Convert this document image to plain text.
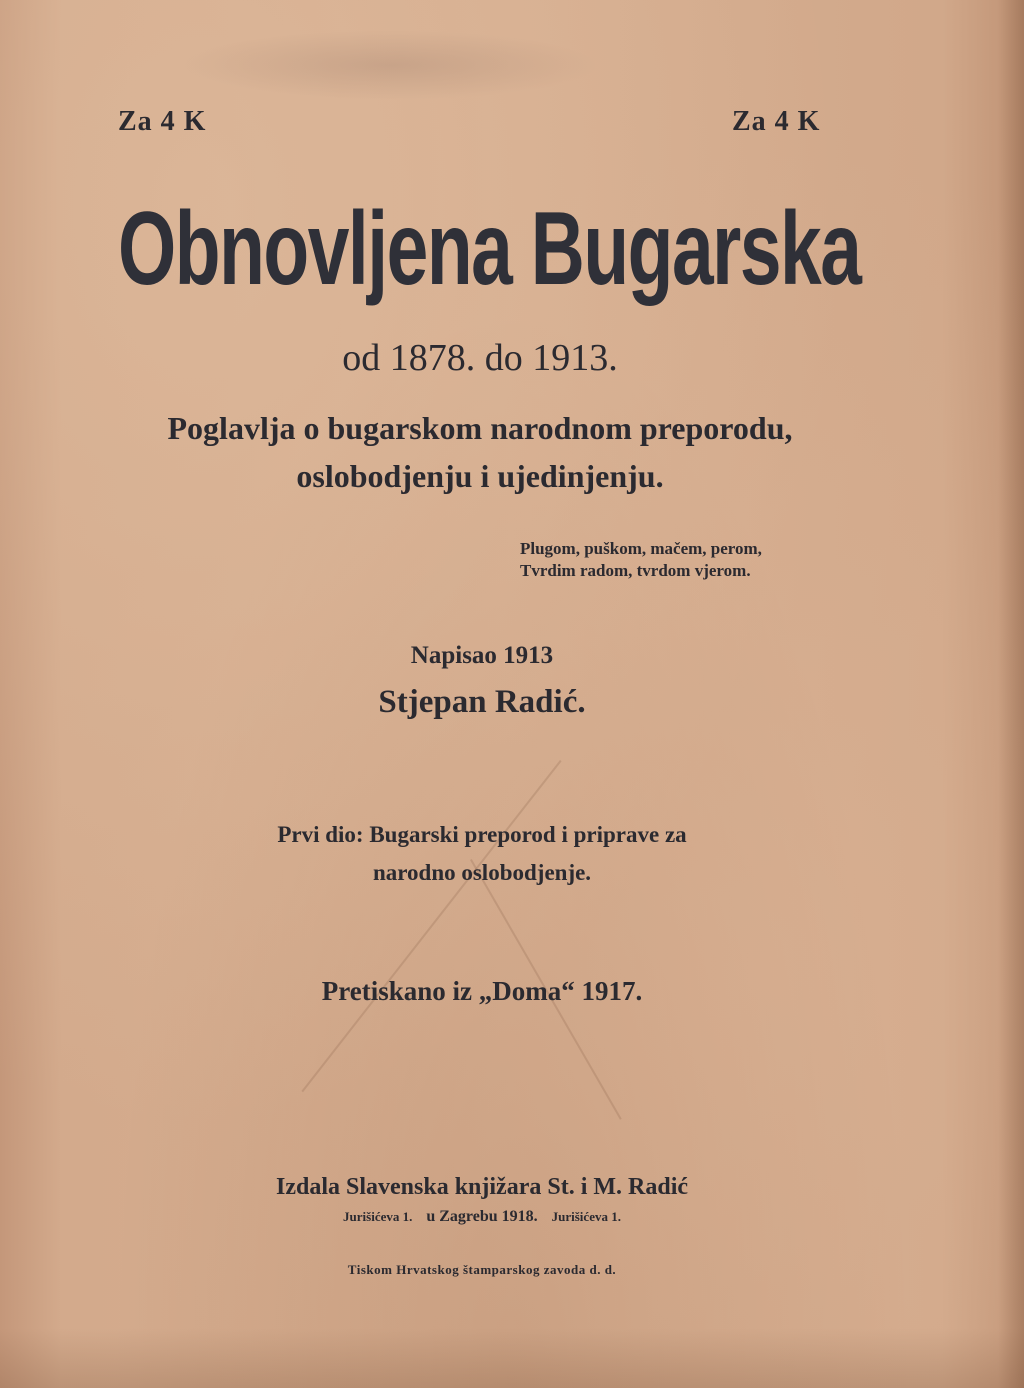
Za 4 K	Za 4 K

Obnovljena Bugarska

od 1878. do 1913.

Poglavlja o bugarskom narodnom preporodu,
oslobodjenju i ujedinjenju.
Plugom, puškom, mačem, perom,
Tvrdim radom, tvrdom vjerom.

Napisao 1913

Stjepan Radić.

Prvi dio: Bugarski preporod i priprave za
narodno oslobodjenje.

Pretiskano iz „Doma“ 1917.

Izdala Slavenska knjižara St. i M. Radić

Jurišićeva 1. u Zagrebu 1918. Jurišićeva 1.

Tiskom Hrvatskog štamparskog zavoda d. d.
